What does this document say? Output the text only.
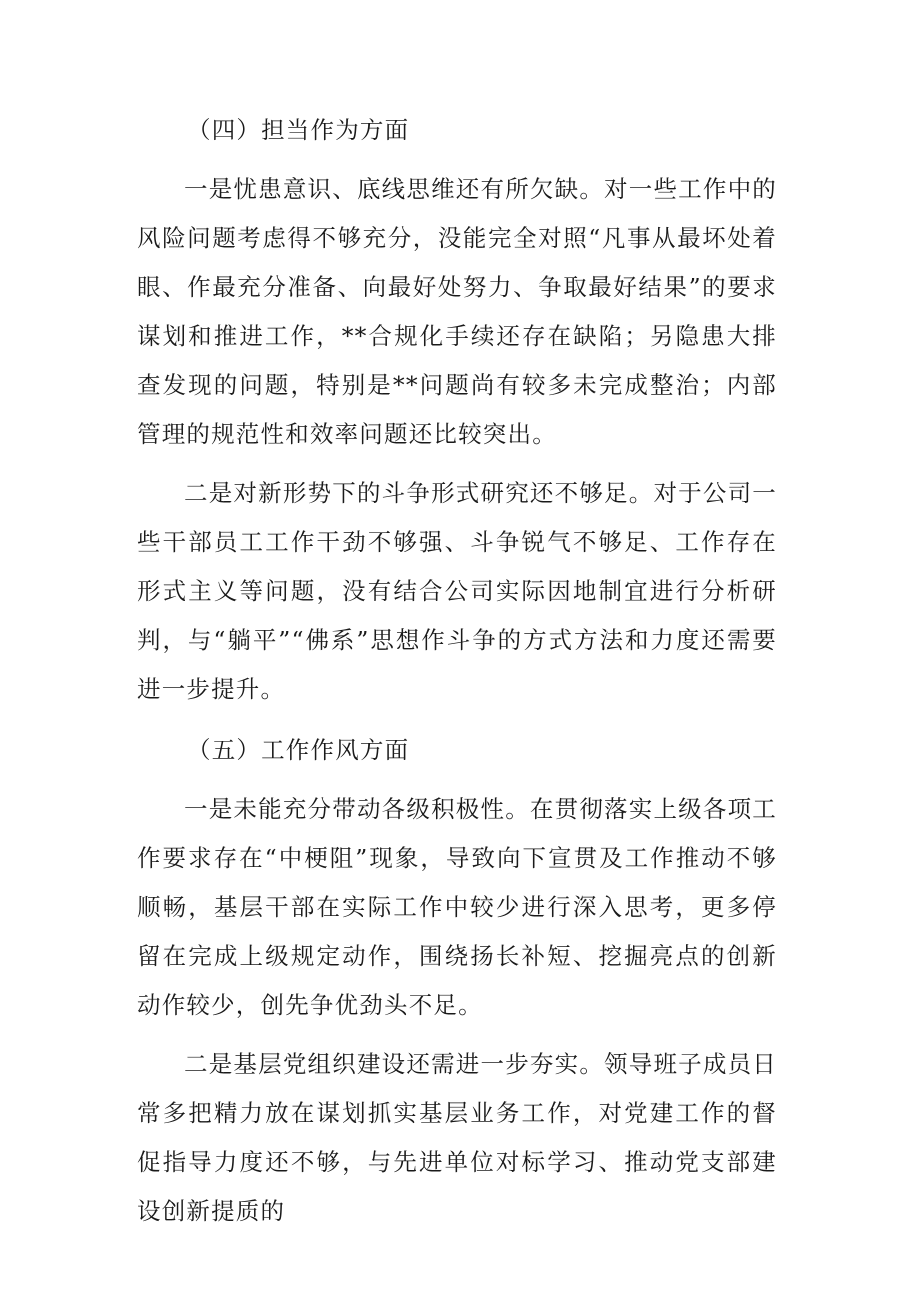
（四）担当作为方面

一是忧患意识、底线思维还有所欠缺。对一些工作中的风险问题考虑得不够充分，没能完全对照“凡事从最坏处着眼、作最充分准备、向最好处努力、争取最好结果”的要求谋划和推进工作，**合规化手续还存在缺陷；另隐患大排查发现的问题，特别是**问题尚有较多未完成整治；内部管理的规范性和效率问题还比较突出。

二是对新形势下的斗争形式研究还不够足。对于公司一些干部员工工作干劲不够强、斗争锐气不够足、工作存在形式主义等问题，没有结合公司实际因地制宜进行分析研判，与“躺平”“佛系”思想作斗争的方式方法和力度还需要进一步提升。

（五）工作作风方面

一是未能充分带动各级积极性。在贯彻落实上级各项工作要求存在“中梗阻”现象，导致向下宣贯及工作推动不够顺畅，基层干部在实际工作中较少进行深入思考，更多停留在完成上级规定动作，围绕扬长补短、挖掘亮点的创新动作较少，创先争优劲头不足。

二是基层党组织建设还需进一步夯实。领导班子成员日常多把精力放在谋划抓实基层业务工作，对党建工作的督促指导力度还不够，与先进单位对标学习、推动党支部建设创新提质的
